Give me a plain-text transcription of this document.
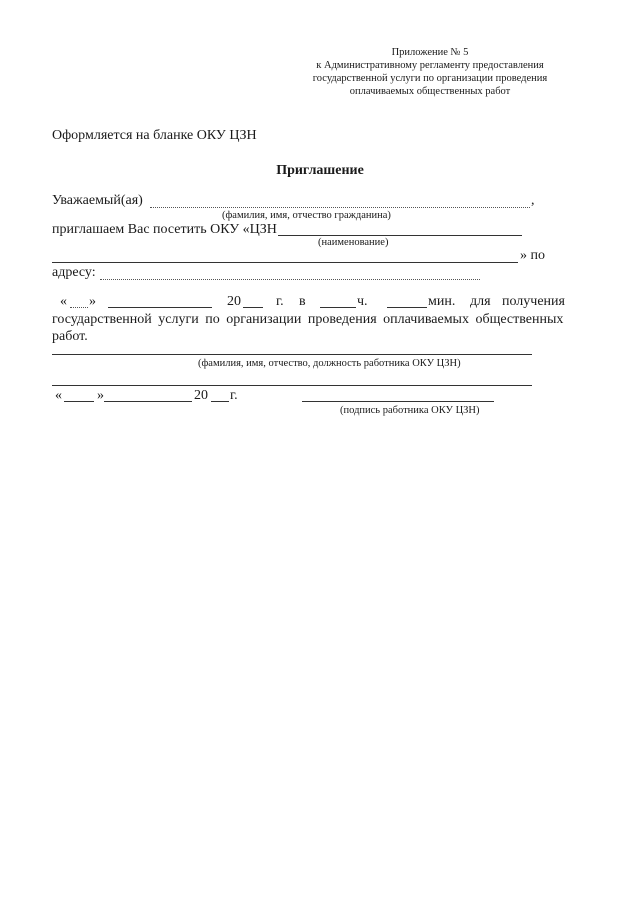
Приложение № 5
к Административному регламенту предоставления
государственной услуги по организации проведения
оплачиваемых общественных работ
Оформляется на бланке ОКУ ЦЗН
Приглашение
Уважаемый(ая)	,
(фамилия, имя, отчество гражданина)
приглашаем Вас посетить ОКУ «ЦЗН
(наименование)
» по
адресу:
« »	20	г. в	ч.	мин. для получения
государственной услуги по организации проведения оплачиваемых общественных
работ.
(фамилия, имя, отчество, должность работника ОКУ ЦЗН)
«	»	20 г.
(подпись работника ОКУ ЦЗН)
